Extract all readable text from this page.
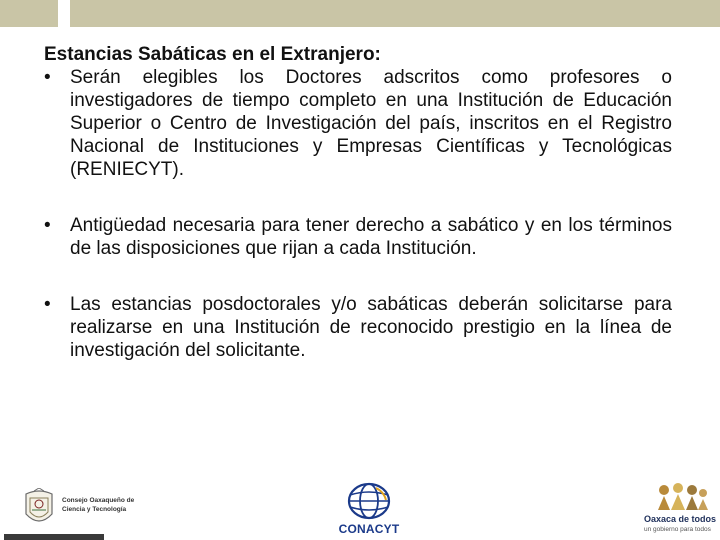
Estancias Sabáticas en el Extranjero:

•	Serán elegibles los Doctores adscritos como profesores o investigadores de tiempo completo en una Institución de Educación Superior o Centro de Investigación del país, inscritos en el Registro Nacional de Instituciones y Empresas Científicas y Tecnológicas (RENIECYT).
•	Antigüedad necesaria para tener derecho a sabático y en los términos de las disposiciones que rijan a cada Institución.
•	Las estancias posdoctorales y/o sabáticas deberán solicitarse para realizarse en una Institución de reconocido prestigio en la línea de investigación del solicitante.
Consejo Oaxaqueño de Ciencia y Tecnología
CONACYT
Oaxaca de todos
un gobierno para todos
